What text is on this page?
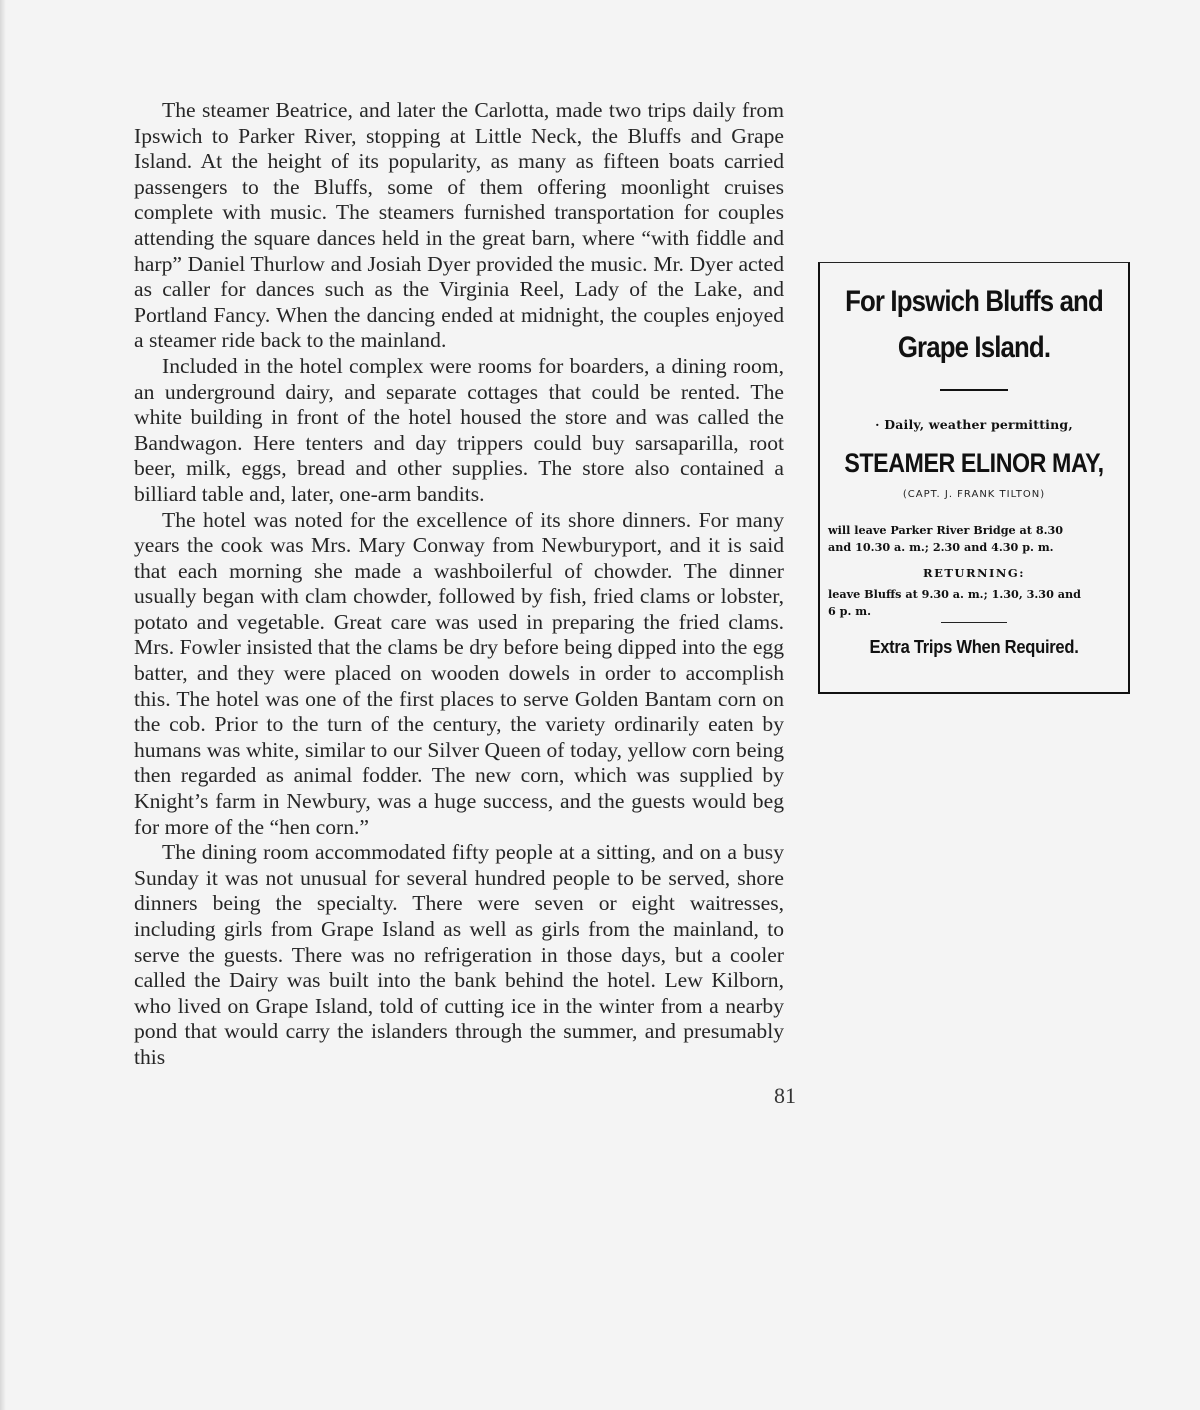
The steamer Beatrice, and later the Carlotta, made two trips daily from Ipswich to Parker River, stopping at Little Neck, the Bluffs and Grape Island. At the height of its popularity, as many as fifteen boats carried passengers to the Bluffs, some of them offering moonlight cruises complete with music. The steamers furnished transportation for couples attending the square dances held in the great barn, where “with fiddle and harp” Daniel Thurlow and Josiah Dyer provided the music. Mr. Dyer acted as caller for dances such as the Virginia Reel, Lady of the Lake, and Portland Fancy. When the dancing ended at midnight, the couples enjoyed a steamer ride back to the mainland.

Included in the hotel complex were rooms for boarders, a dining room, an underground dairy, and separate cottages that could be rented. The white building in front of the hotel housed the store and was called the Bandwagon. Here tenters and day trippers could buy sarsaparilla, root beer, milk, eggs, bread and other supplies. The store also contained a billiard table and, later, one-arm bandits.

The hotel was noted for the excellence of its shore dinners. For many years the cook was Mrs. Mary Conway from Newburyport, and it is said that each morning she made a washboilerful of chowder. The dinner usually began with clam chowder, followed by fish, fried clams or lobster, potato and vegetable. Great care was used in preparing the fried clams. Mrs. Fowler insisted that the clams be dry before being dipped into the egg batter, and they were placed on wooden dowels in order to accomplish this. The hotel was one of the first places to serve Golden Bantam corn on the cob. Prior to the turn of the century, the variety ordinarily eaten by humans was white, similar to our Silver Queen of today, yellow corn being then regarded as animal fodder. The new corn, which was supplied by Knight’s farm in Newbury, was a huge success, and the guests would beg for more of the “hen corn.”

The dining room accommodated fifty people at a sitting, and on a busy Sunday it was not unusual for several hundred people to be served, shore dinners being the specialty. There were seven or eight waitresses, including girls from Grape Island as well as girls from the mainland, to serve the guests. There was no refrigeration in those days, but a cooler called the Dairy was built into the bank behind the hotel. Lew Kilborn, who lived on Grape Island, told of cutting ice in the winter from a nearby pond that would carry the islanders through the summer, and presumably this

81
For Ipswich Bluffs and
Grape Island.
· Daily, weather permitting,
STEAMER ELINOR MAY,
(CAPT. J. FRANK TILTON)
will leave Parker River Bridge at 8.30
and 10.30 a. m.; 2.30 and 4.30 p. m.
RETURNING:
leave Bluffs at 9.30 a. m.; 1.30, 3.30 and
6 p. m.
Extra Trips When Required.
